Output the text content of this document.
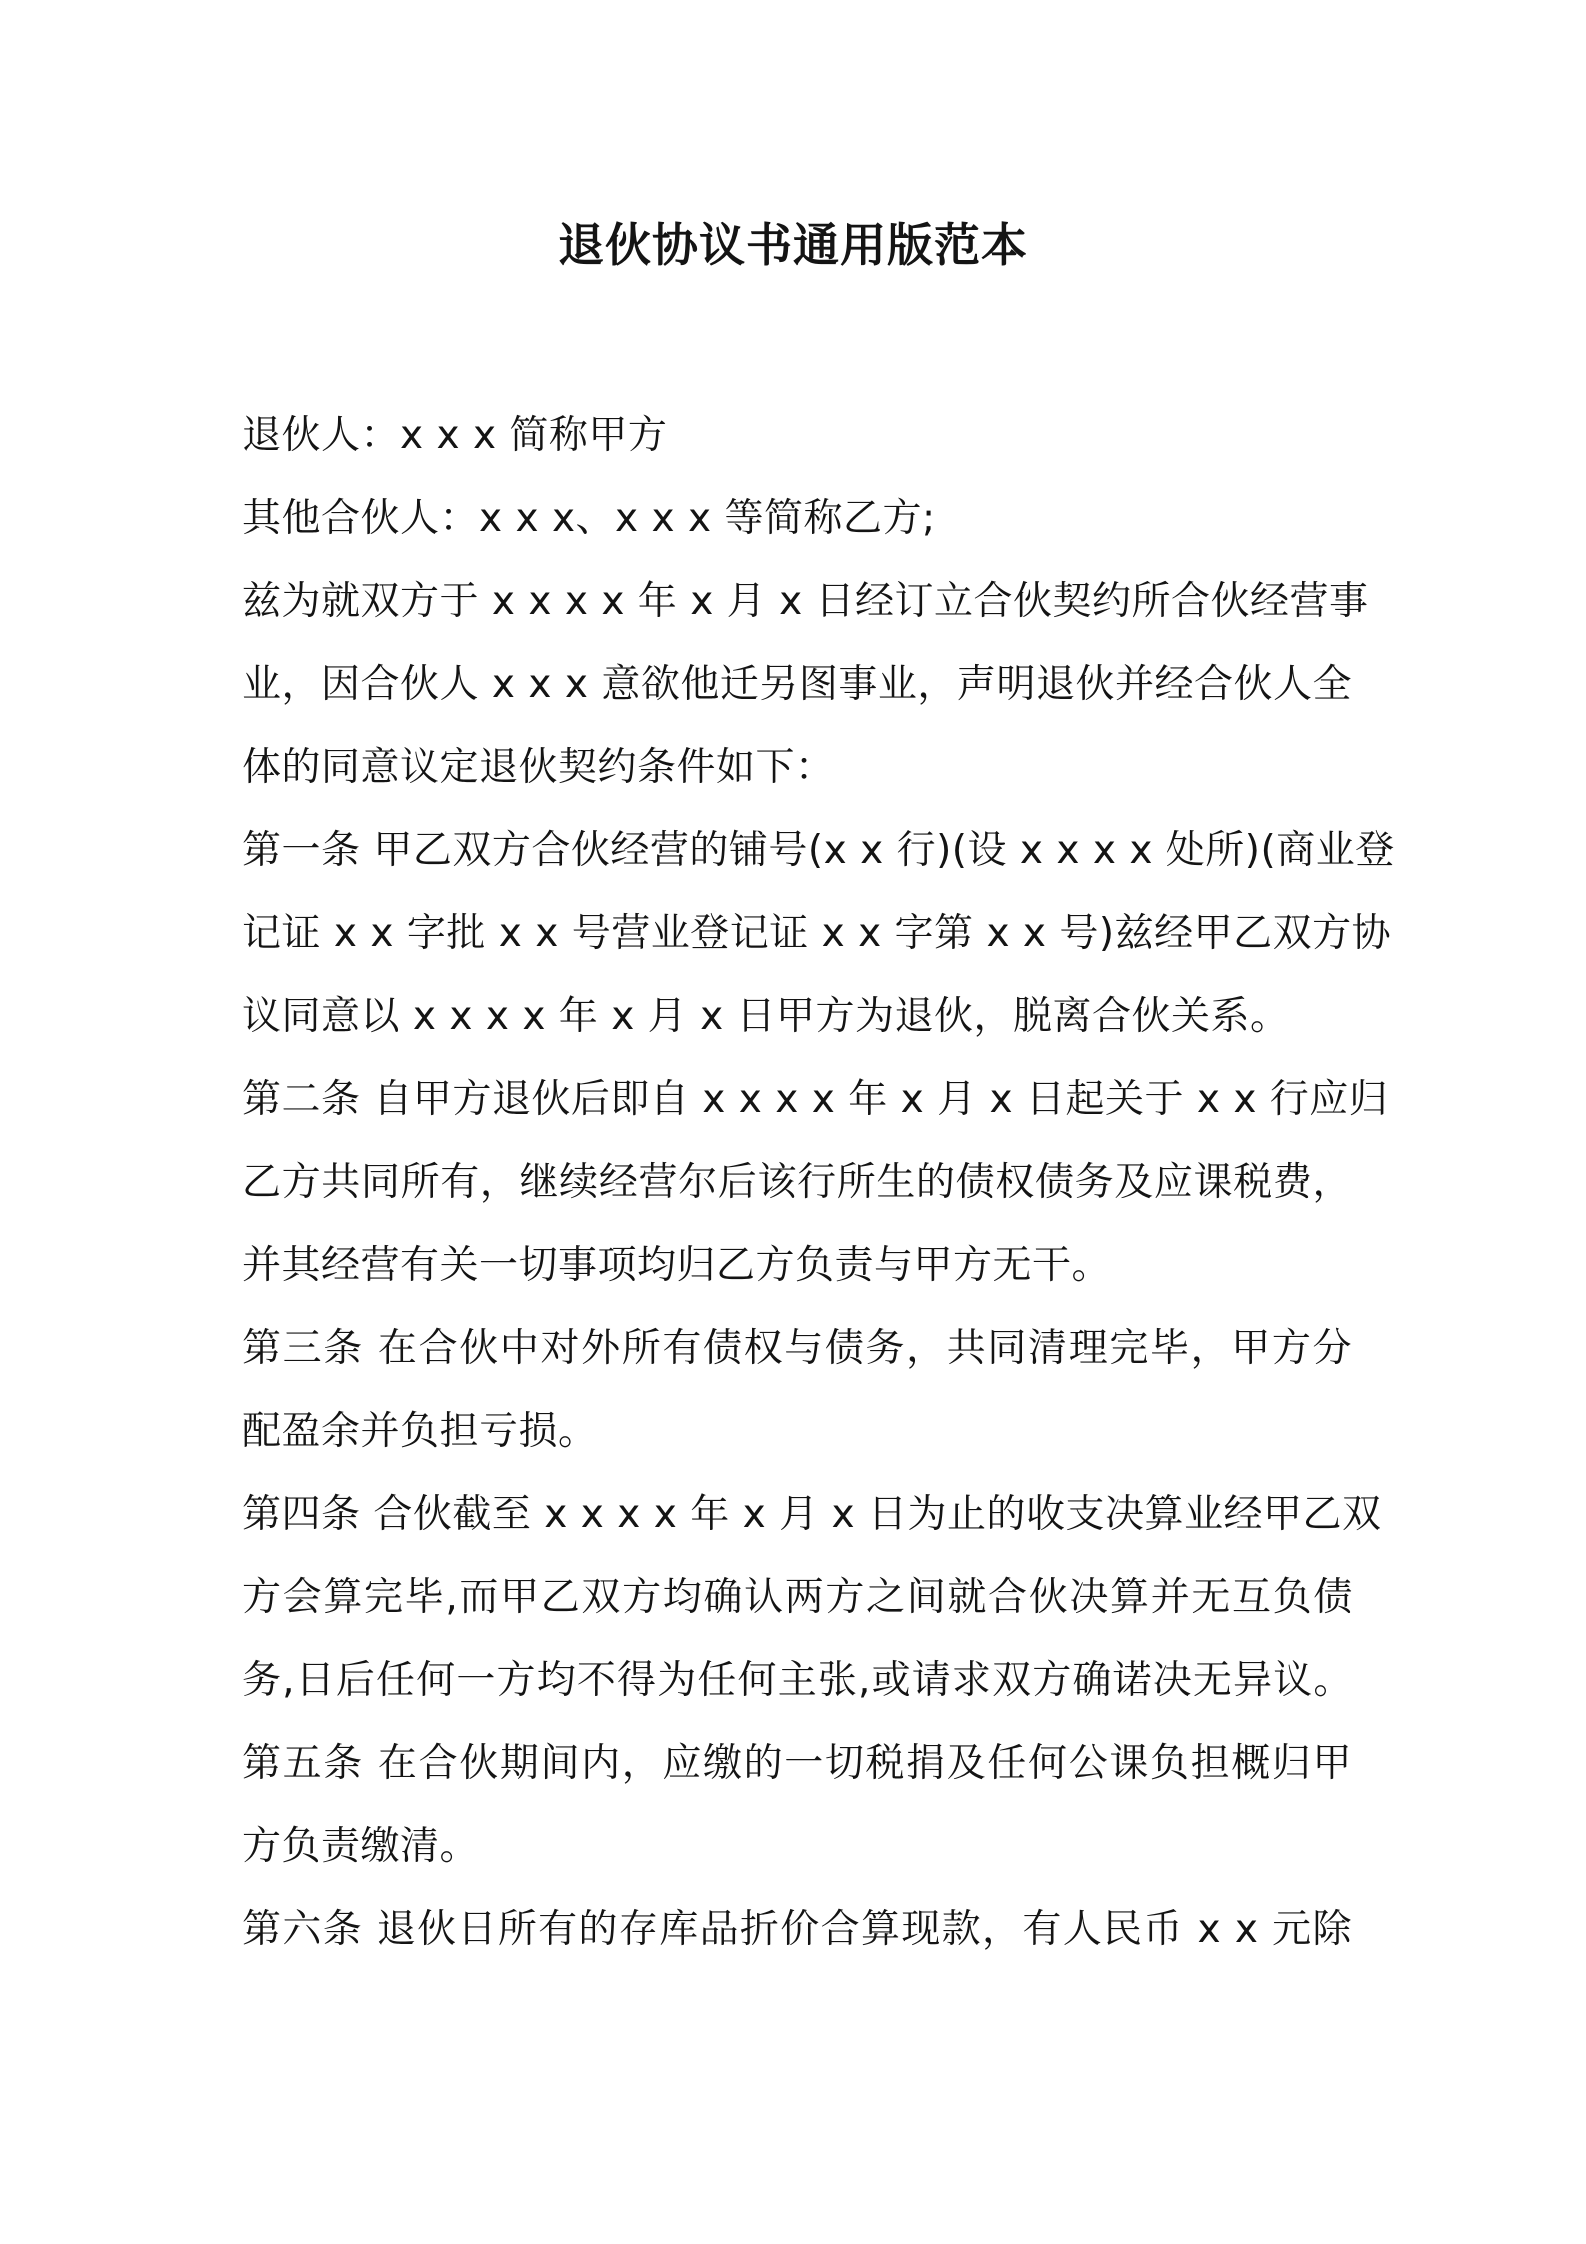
退伙协议书通用版范本
退伙人：x x x 简称甲方
其他合伙人：x x x、x x x 等简称乙方;
兹为就双方于 x x x x 年 x 月 x 日经订立合伙契约所合伙经营事
业，因合伙人 x x x 意欲他迁另图事业，声明退伙并经合伙人全
体的同意议定退伙契约条件如下：
第一条 甲乙双方合伙经营的铺号(x x 行)(设 x x x x 处所)(商业登
记证 x x 字批 x x 号营业登记证 x x 字第 x x 号)兹经甲乙双方协
议同意以 x x x x 年 x 月 x 日甲方为退伙，脱离合伙关系。
第二条 自甲方退伙后即自 x x x x 年 x 月 x 日起关于 x x 行应归
乙方共同所有，继续经营尔后该行所生的债权债务及应课税费，
并其经营有关一切事项均归乙方负责与甲方无干。
第三条 在合伙中对外所有债权与债务，共同清理完毕，甲方分
配盈余并负担亏损。
第四条 合伙截至 x x x x 年 x 月 x 日为止的收支决算业经甲乙双
方会算完毕,而甲乙双方均确认两方之间就合伙决算并无互负债
务,日后任何一方均不得为任何主张,或请求双方确诺决无异议。
第五条 在合伙期间内，应缴的一切税捐及任何公课负担概归甲
方负责缴清。
第六条 退伙日所有的存库品折价合算现款，有人民币 x x 元除
